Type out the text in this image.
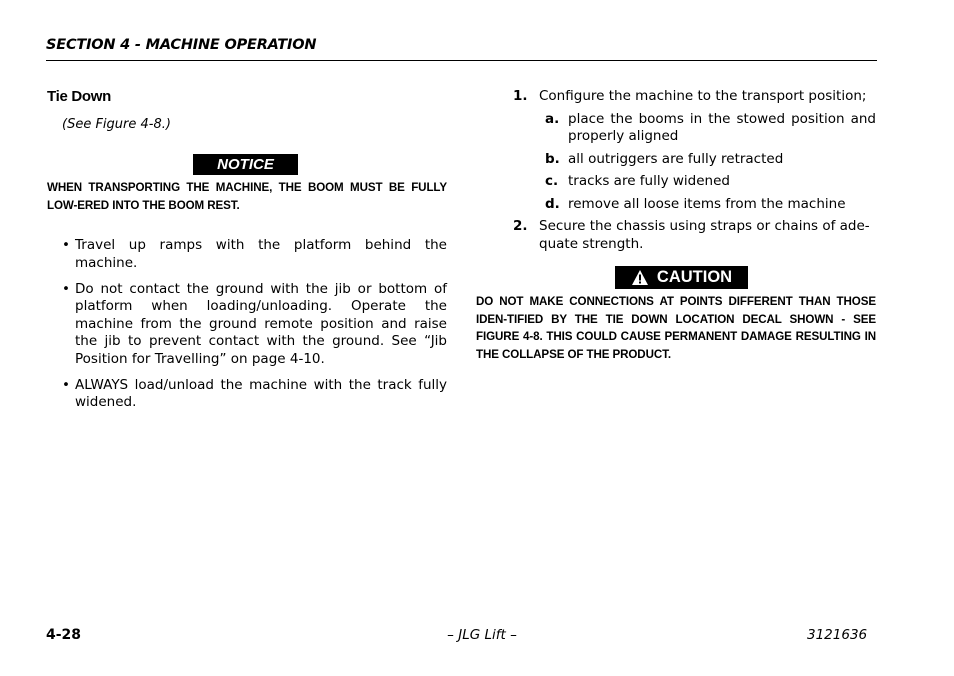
SECTION 4 - MACHINE OPERATION
Tie Down
(See Figure 4-8.)
NOTICE
WHEN TRANSPORTING THE MACHINE, THE BOOM MUST BE FULLY LOW-ERED INTO THE BOOM REST.
• Travel up ramps with the platform behind the machine.
• Do not contact the ground with the jib or bottom of platform when loading/unloading. Operate the machine from the ground remote position and raise the jib to prevent contact with the ground. See “Jib Position for Travelling” on page 4-10.
• ALWAYS load/unload the machine with the track fully widened.
1. Configure the machine to the transport position;
a. place the booms in the stowed position and properly aligned
b. all outriggers are fully retracted
c. tracks are fully widened
d. remove all loose items from the machine
2. Secure the chassis using straps or chains of ade-quate strength.
CAUTION
DO NOT MAKE CONNECTIONS AT POINTS DIFFERENT THAN THOSE IDEN-TIFIED BY THE TIE DOWN LOCATION DECAL SHOWN - SEE FIGURE 4-8. THIS COULD CAUSE PERMANENT DAMAGE RESULTING IN THE COLLAPSE OF THE PRODUCT.
4-28	– JLG Lift –	3121636
